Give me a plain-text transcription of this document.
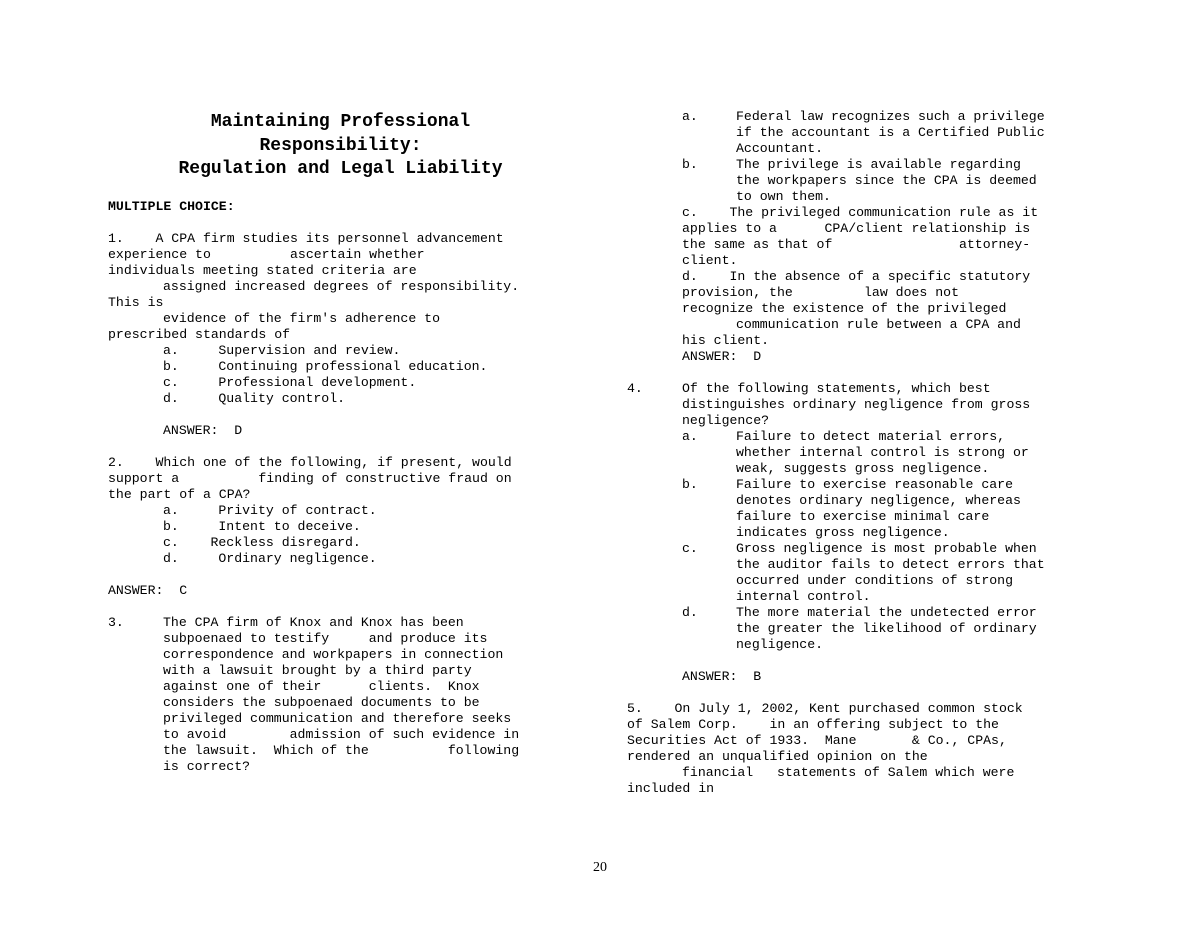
Maintaining Professional
Responsibility:
Regulation and Legal Liability
MULTIPLE CHOICE:
1.    A CPA firm studies its personnel advancement
experience to          ascertain whether
individuals meeting stated criteria are
assigned increased degrees of responsibility.
This is
evidence of the firm's adherence to
prescribed standards of
a.     Supervision and review.
b.     Continuing professional education.
c.     Professional development.
d.     Quality control.
ANSWER:  D
2.    Which one of the following, if present, would
support a          finding of constructive fraud on
the part of a CPA?
a.     Privity of contract.
b.     Intent to deceive.
c.    Reckless disregard.
d.     Ordinary negligence.
ANSWER:  C
3.	The CPA firm of Knox and Knox has been
subpoenaed to testify     and produce its
correspondence and workpapers in connection
with a lawsuit brought by a third party
against one of their      clients.  Knox
considers the subpoenaed documents to be
privileged communication and therefore seeks
to avoid        admission of such evidence in
the lawsuit.  Which of the          following
is correct?
a.	Federal law recognizes such a privilege
if the accountant is a Certified Public
Accountant.
b.	The privilege is available regarding
the workpapers since the CPA is deemed
to own them.
c.    The privileged communication rule as it
applies to a      CPA/client relationship is
the same as that of                attorney-
client.
d.    In the absence of a specific statutory
provision, the         law does not
recognize the existence of the privileged
communication rule between a CPA and
his client.
ANSWER:  D
4.	Of the following statements, which best
distinguishes ordinary negligence from gross
negligence?
a.	Failure to detect material errors,
whether internal control is strong or
weak, suggests gross negligence.
b.	Failure to exercise reasonable care
denotes ordinary negligence, whereas
failure to exercise minimal care
indicates gross negligence.
c.	Gross negligence is most probable when
the auditor fails to detect errors that
occurred under conditions of strong
internal control.
d.	The more material the undetected error
the greater the likelihood of ordinary
negligence.
ANSWER:  B
5.    On July 1, 2002, Kent purchased common stock
of Salem Corp.    in an offering subject to the
Securities Act of 1933.  Mane       & Co., CPAs,
rendered an unqualified opinion on the
financial   statements of Salem which were
included in
20
